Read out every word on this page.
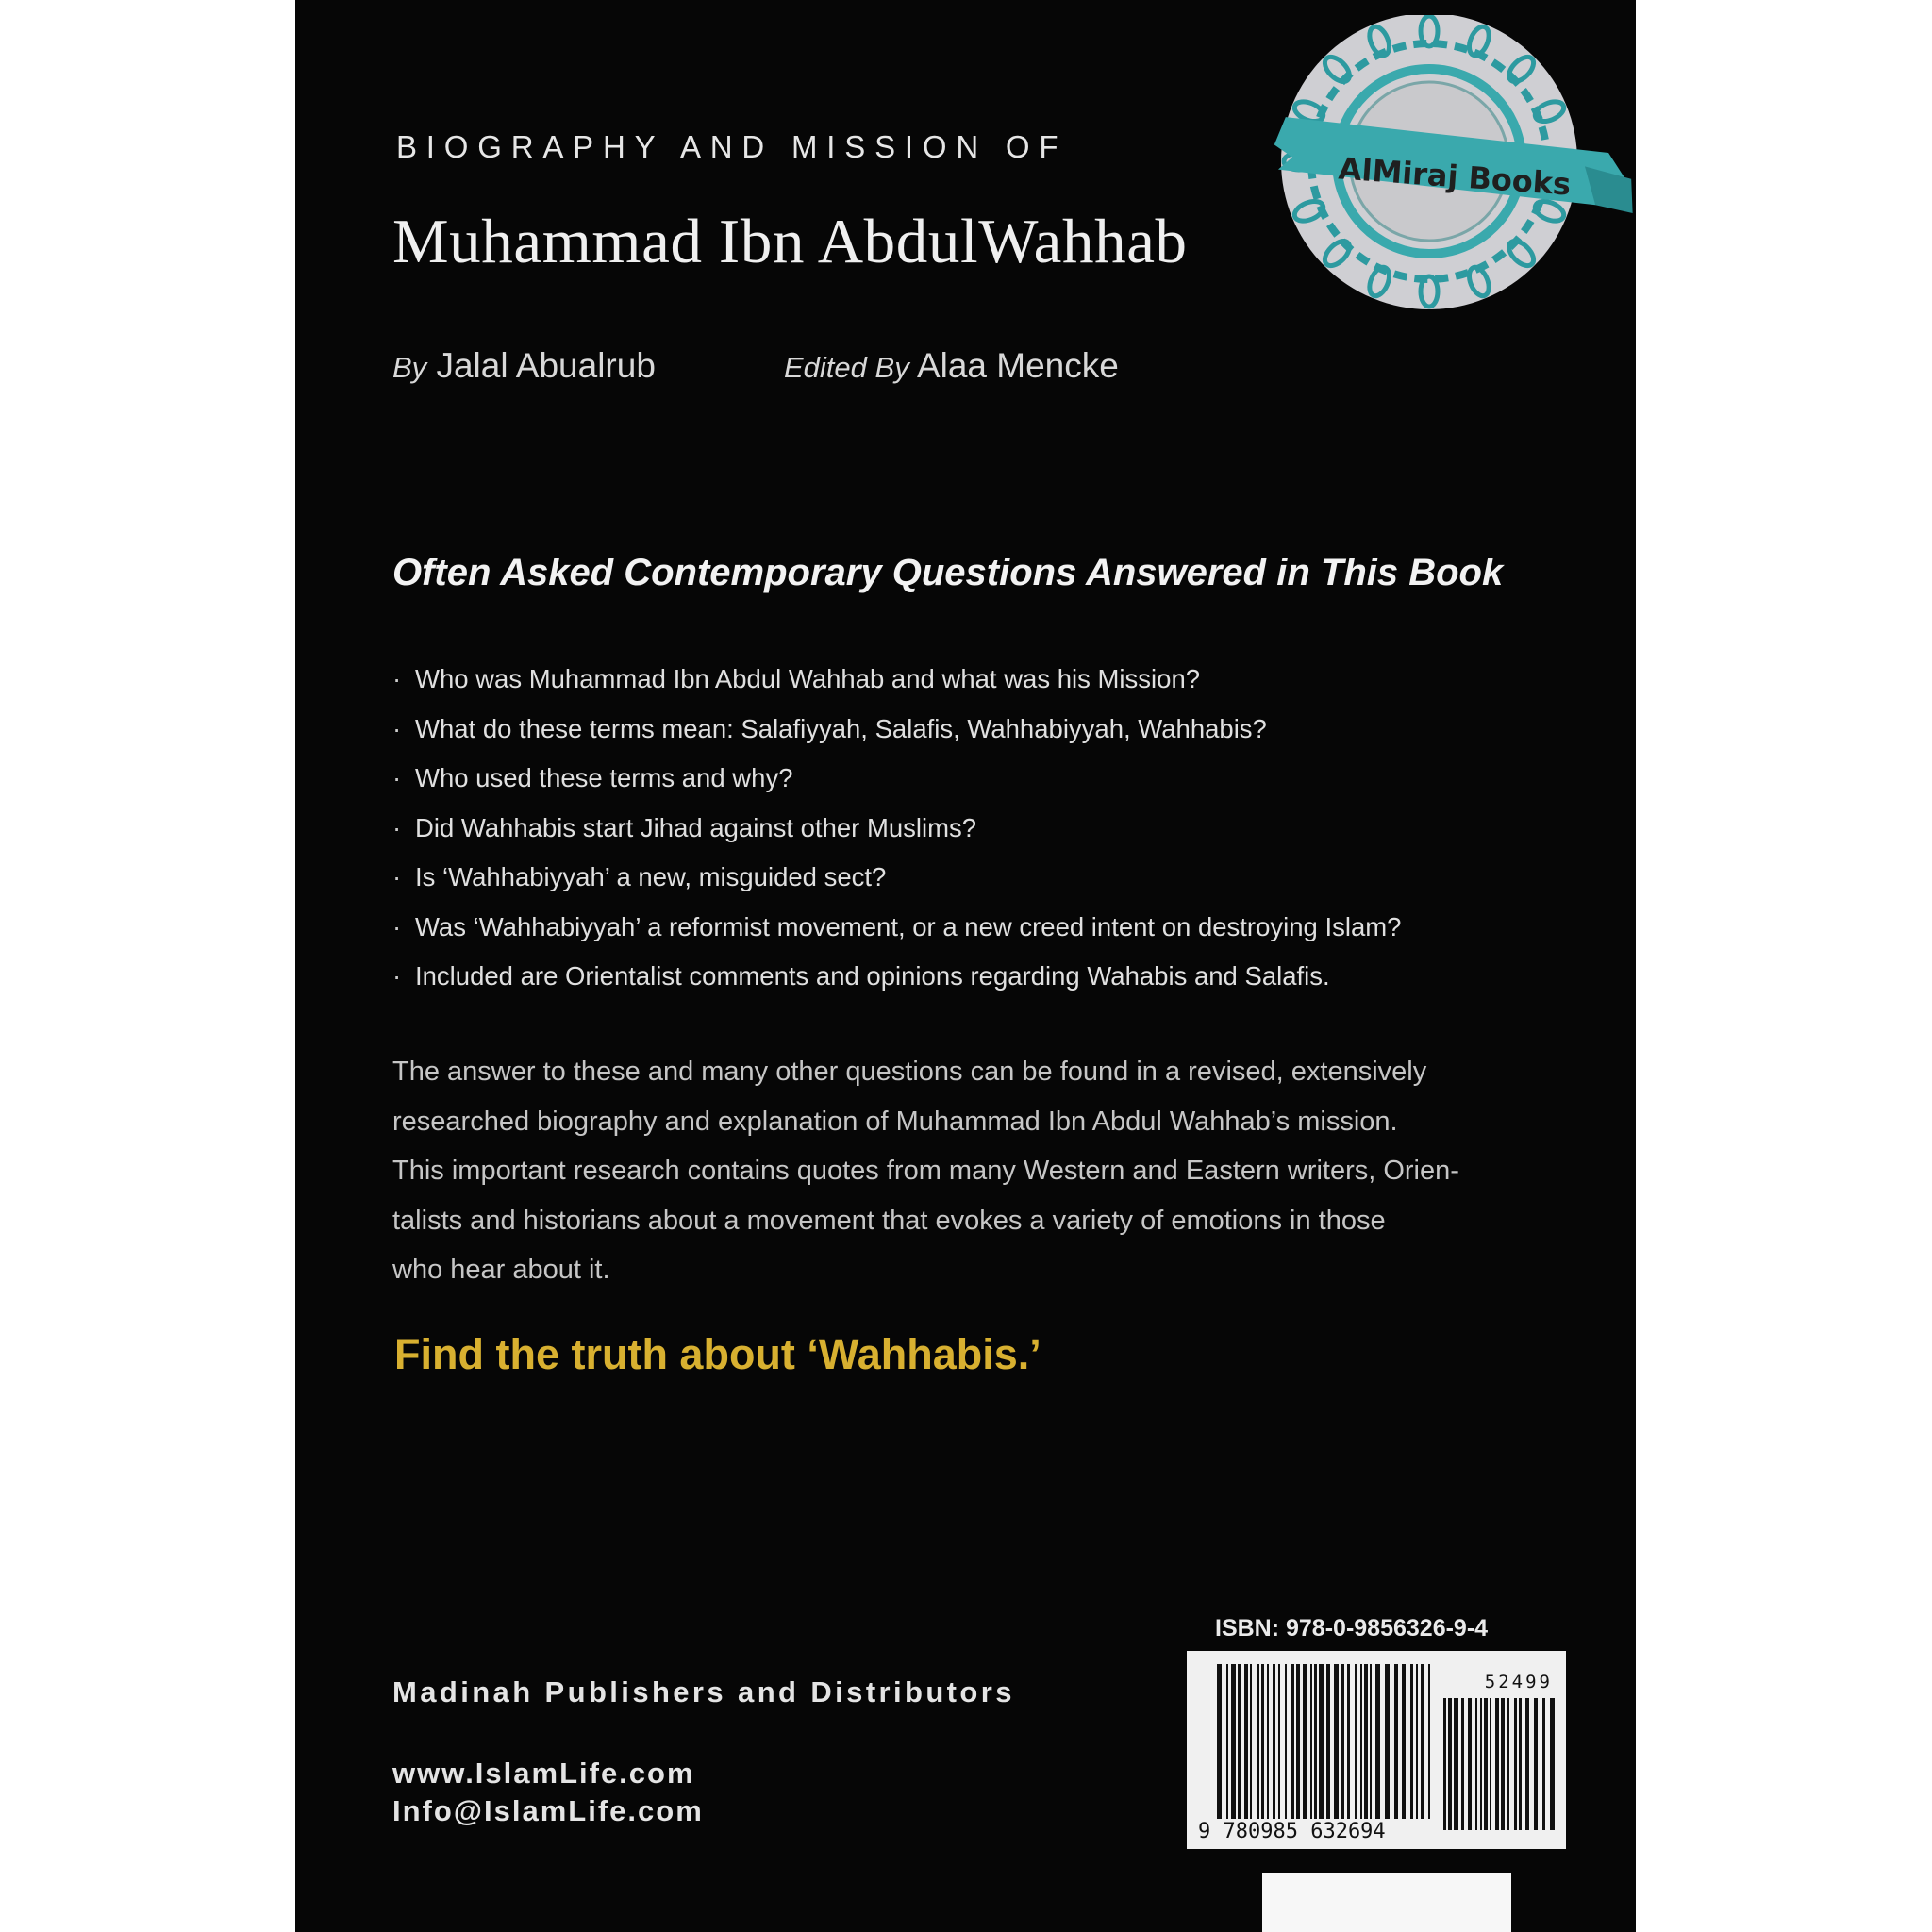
BIOGRAPHY AND MISSION OF
Muhammad Ibn AbdulWahhab
By Jalal Abualrub	Edited By Alaa Mencke
Often Asked Contemporary Questions Answered in This Book
· Who was Muhammad Ibn Abdul Wahhab and what was his Mission?
· What do these terms mean: Salafiyyah, Salafis, Wahhabiyyah, Wahhabis?
· Who used these terms and why?
· Did Wahhabis start Jihad against other Muslims?
· Is ‘Wahhabiyyah’ a new, misguided sect?
· Was ‘Wahhabiyyah’ a reformist movement, or a new creed intent on destroying Islam?
· Included are Orientalist comments and opinions regarding Wahabis and Salafis.
The answer to these and many other questions can be found in a revised, extensively
researched biography and explanation of Muhammad Ibn Abdul Wahhab’s mission.
This important research contains quotes from many Western and Eastern writers, Orien-
talists and historians about a movement that evokes a variety of emotions in those
who hear about it.
Find the truth about ‘Wahhabis.’
Madinah Publishers and Distributors
www.IslamLife.com
Info@IslamLife.com
ISBN: 978-0-9856326-9-4
52499
9 780985 632694
AlMiraj Books
